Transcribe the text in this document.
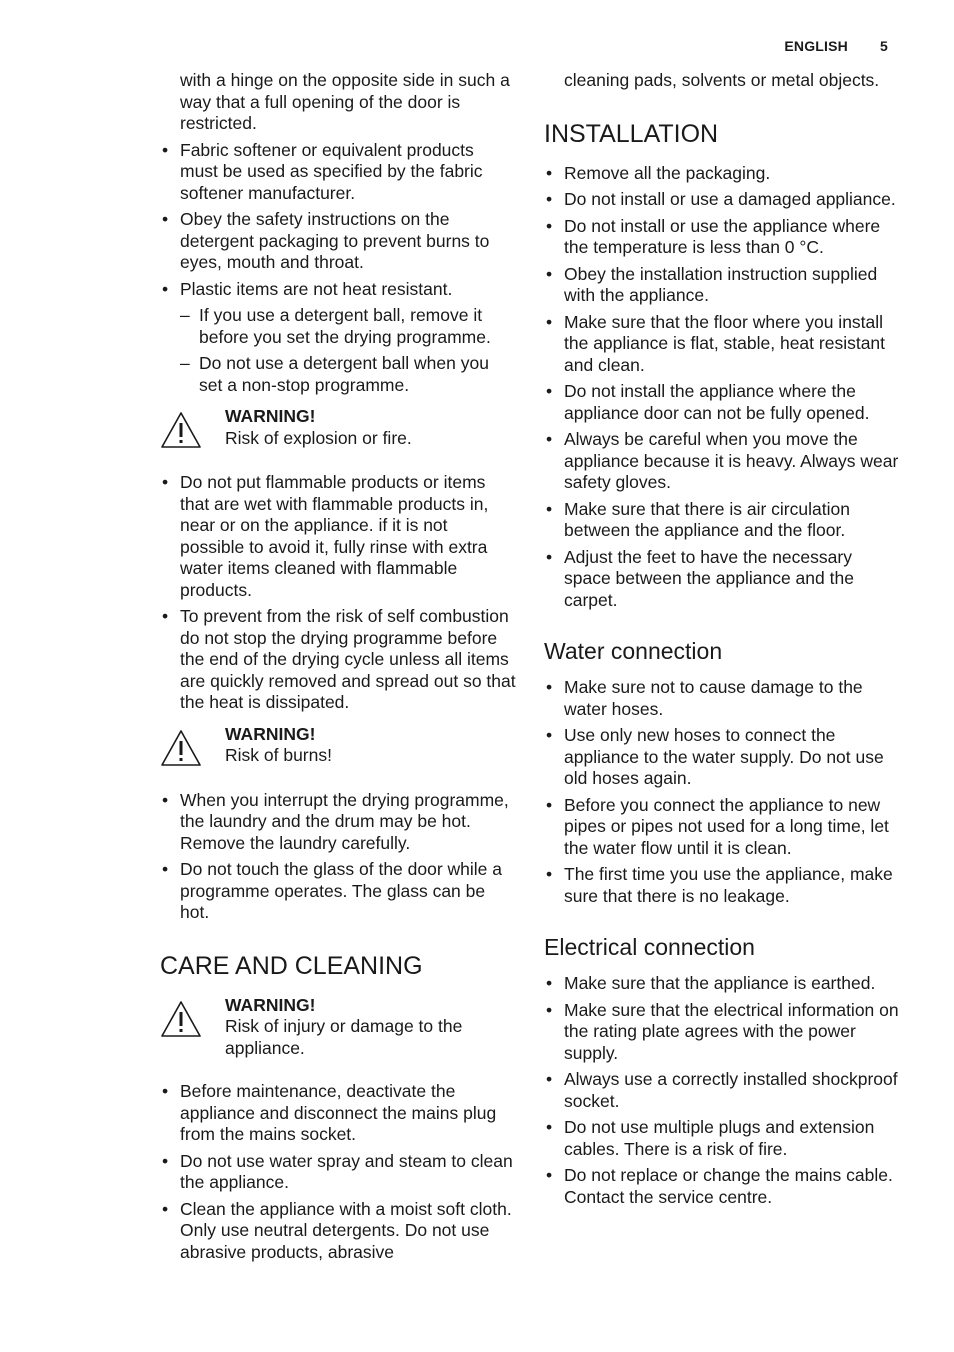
ENGLISH 5
with a hinge on the opposite side in such a way that a full opening of the door is restricted.
• Fabric softener or equivalent products must be used as specified by the fabric softener manufacturer.
• Obey the safety instructions on the detergent packaging to prevent burns to eyes, mouth and throat.
• Plastic items are not heat resistant.
– If you use a detergent ball, remove it before you set the drying programme.
– Do not use a detergent ball when you set a non-stop programme.
WARNING!
Risk of explosion or fire.
• Do not put flammable products or items that are wet with flammable products in, near or on the appliance. if it is not possible to avoid it, fully rinse with extra water items cleaned with flammable products.
• To prevent from the risk of self combustion do not stop the drying programme before the end of the drying cycle unless all items are quickly removed and spread out so that the heat is dissipated.
WARNING!
Risk of burns!
• When you interrupt the drying programme, the laundry and the drum may be hot. Remove the laundry carefully.
• Do not touch the glass of the door while a programme operates. The glass can be hot.
CARE AND CLEANING
WARNING!
Risk of injury or damage to the appliance.
• Before maintenance, deactivate the appliance and disconnect the mains plug from the mains socket.
• Do not use water spray and steam to clean the appliance.
• Clean the appliance with a moist soft cloth. Only use neutral detergents. Do not use abrasive products, abrasive
cleaning pads, solvents or metal objects.
INSTALLATION
• Remove all the packaging.
• Do not install or use a damaged appliance.
• Do not install or use the appliance where the temperature is less than 0 °C.
• Obey the installation instruction supplied with the appliance.
• Make sure that the floor where you install the appliance is flat, stable, heat resistant and clean.
• Do not install the appliance where the appliance door can not be fully opened.
• Always be careful when you move the appliance because it is heavy. Always wear safety gloves.
• Make sure that there is air circulation between the appliance and the floor.
• Adjust the feet to have the necessary space between the appliance and the carpet.
Water connection
• Make sure not to cause damage to the water hoses.
• Use only new hoses to connect the appliance to the water supply. Do not use old hoses again.
• Before you connect the appliance to new pipes or pipes not used for a long time, let the water flow until it is clean.
• The first time you use the appliance, make sure that there is no leakage.
Electrical connection
• Make sure that the appliance is earthed.
• Make sure that the electrical information on the rating plate agrees with the power supply.
• Always use a correctly installed shockproof socket.
• Do not use multiple plugs and extension cables. There is a risk of fire.
• Do not replace or change the mains cable. Contact the service centre.
